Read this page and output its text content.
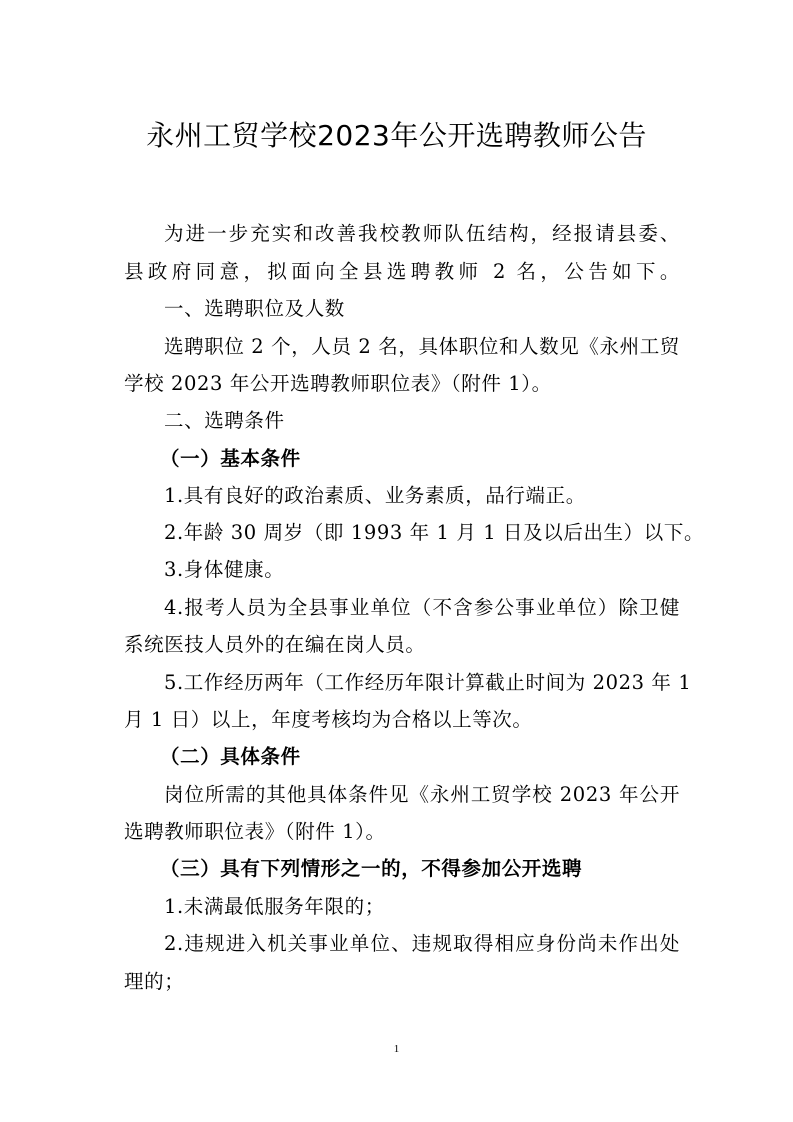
永州工贸学校2023年公开选聘教师公告
为进一步充实和改善我校教师队伍结构，经报请县委、
县政府同意，拟面向全县选聘教师 2 名，公告如下。
一、选聘职位及人数
选聘职位 2 个，人员 2 名，具体职位和人数见《永州工贸
学校 2023 年公开选聘教师职位表》（附件 1）。
二、选聘条件
（一）基本条件
1.具有良好的政治素质、业务素质，品行端正。
2.年龄 30 周岁（即 1993 年 1 月 1 日及以后出生）以下。
3.身体健康。
4.报考人员为全县事业单位（不含参公事业单位）除卫健
系统医技人员外的在编在岗人员。
5.工作经历两年（工作经历年限计算截止时间为 2023 年 1
月 1 日）以上，年度考核均为合格以上等次。
（二）具体条件
岗位所需的其他具体条件见《永州工贸学校 2023 年公开
选聘教师职位表》（附件 1）。
（三）具有下列情形之一的，不得参加公开选聘
1.未满最低服务年限的；
2.违规进入机关事业单位、违规取得相应身份尚未作出处
理的；
1
